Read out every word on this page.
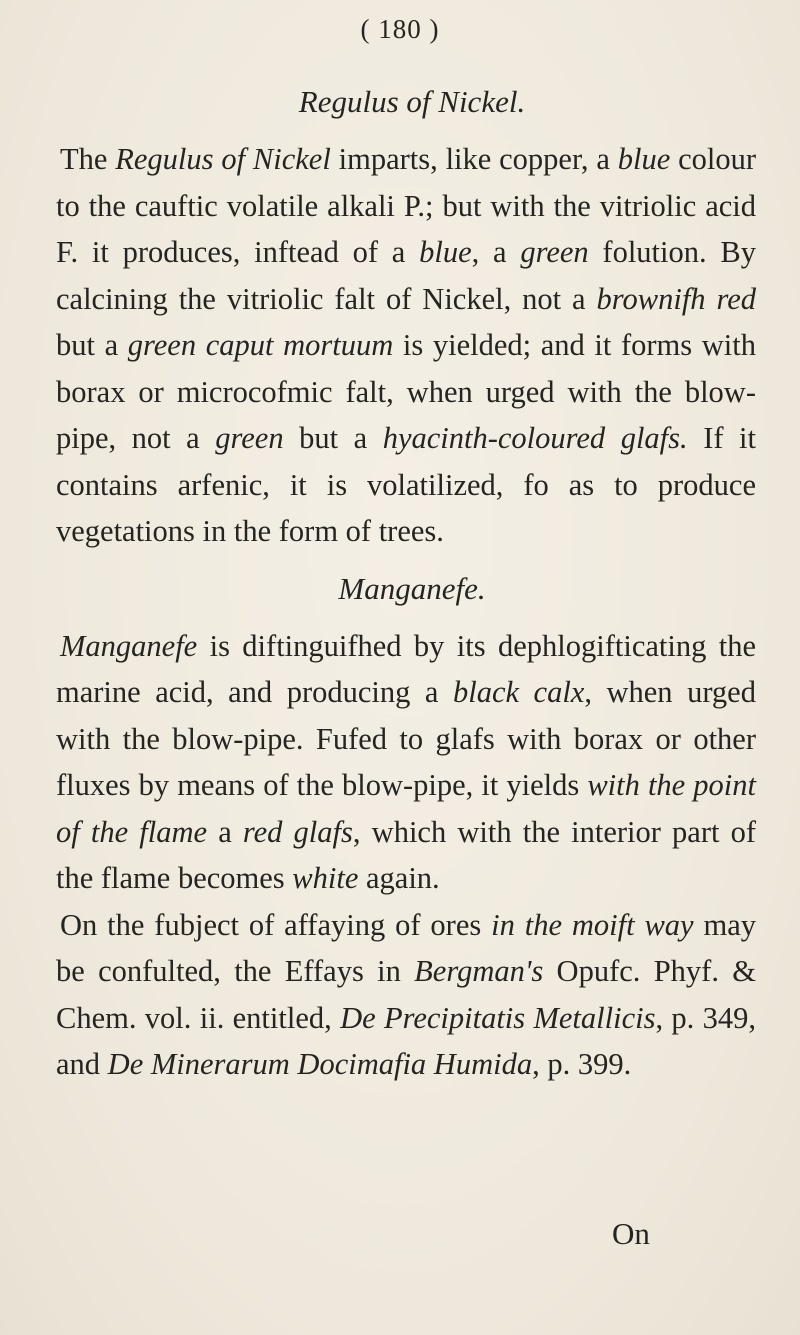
( 180 )
Regulus of Nickel.

The Regulus of Nickel imparts, like copper, a blue colour to the cauftic volatile alkali P.; but with the vitriolic acid F. it produces, inftead of a blue, a green folution. By calcining the vitriolic falt of Nickel, not a brownifh red but a green caput mortuum is yielded; and it forms with borax or microcofmic falt, when urged with the blow-pipe, not a green but a hyacinth-coloured glafs. If it contains arfenic, it is volatilized, fo as to produce vegetations in the form of trees.

Manganefe.

Manganefe is diftinguifhed by its dephlogifticating the marine acid, and producing a black calx, when urged with the blow-pipe. Fufed to glafs with borax or other fluxes by means of the blow-pipe, it yields with the point of the flame a red glafs, which with the interior part of the flame becomes white again.

On the fubject of affaying of ores in the moift way may be confulted, the Effays in Bergman's Opufc. Phyf. & Chem. vol. ii. entitled, De Precipitatis Metallicis, p. 349, and De Minerarum Docimafia Humida, p. 399.

On
